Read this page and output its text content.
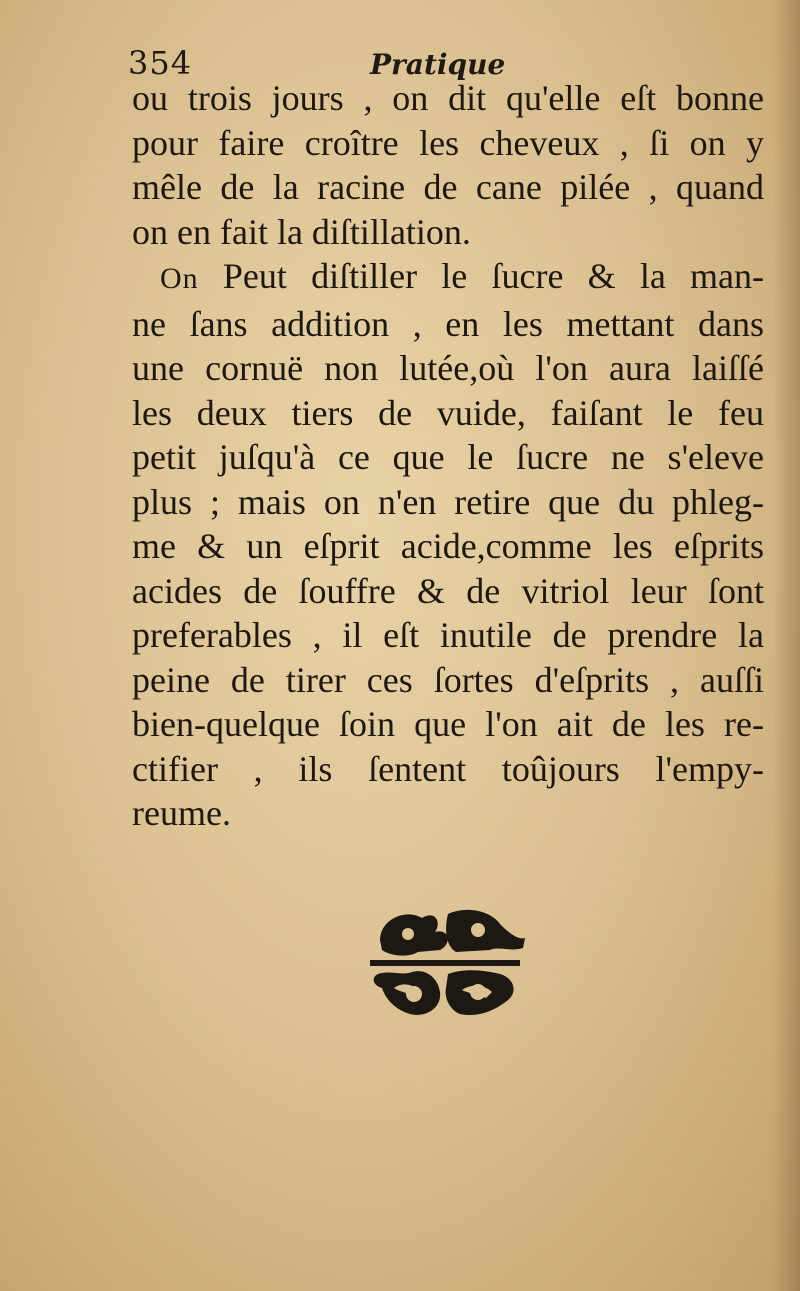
354	Pratique
ou trois jours , on dit qu'elle eſt bonne
pour faire croître les cheveux , ſi on y
mêle de la racine de cane pilée , quand
on en fait la diſtillation.
On Peut diſtiller le ſucre & la man-
ne ſans addition , en les mettant dans
une cornuë non lutée,où l'on aura laiſſé
les deux tiers de vuide, faiſant le feu
petit juſqu'à ce que le ſucre ne s'eleve
plus ; mais on n'en retire que du phleg-
me & un eſprit acide,comme les eſprits
acides de ſouffre & de vitriol leur ſont
preferables , il eſt inutile de prendre la
peine de tirer ces ſortes d'eſprits , auſſi
bien-quelque ſoin que l'on ait de les re-
ctifier , ils ſentent toûjours l'empy-
reume.
